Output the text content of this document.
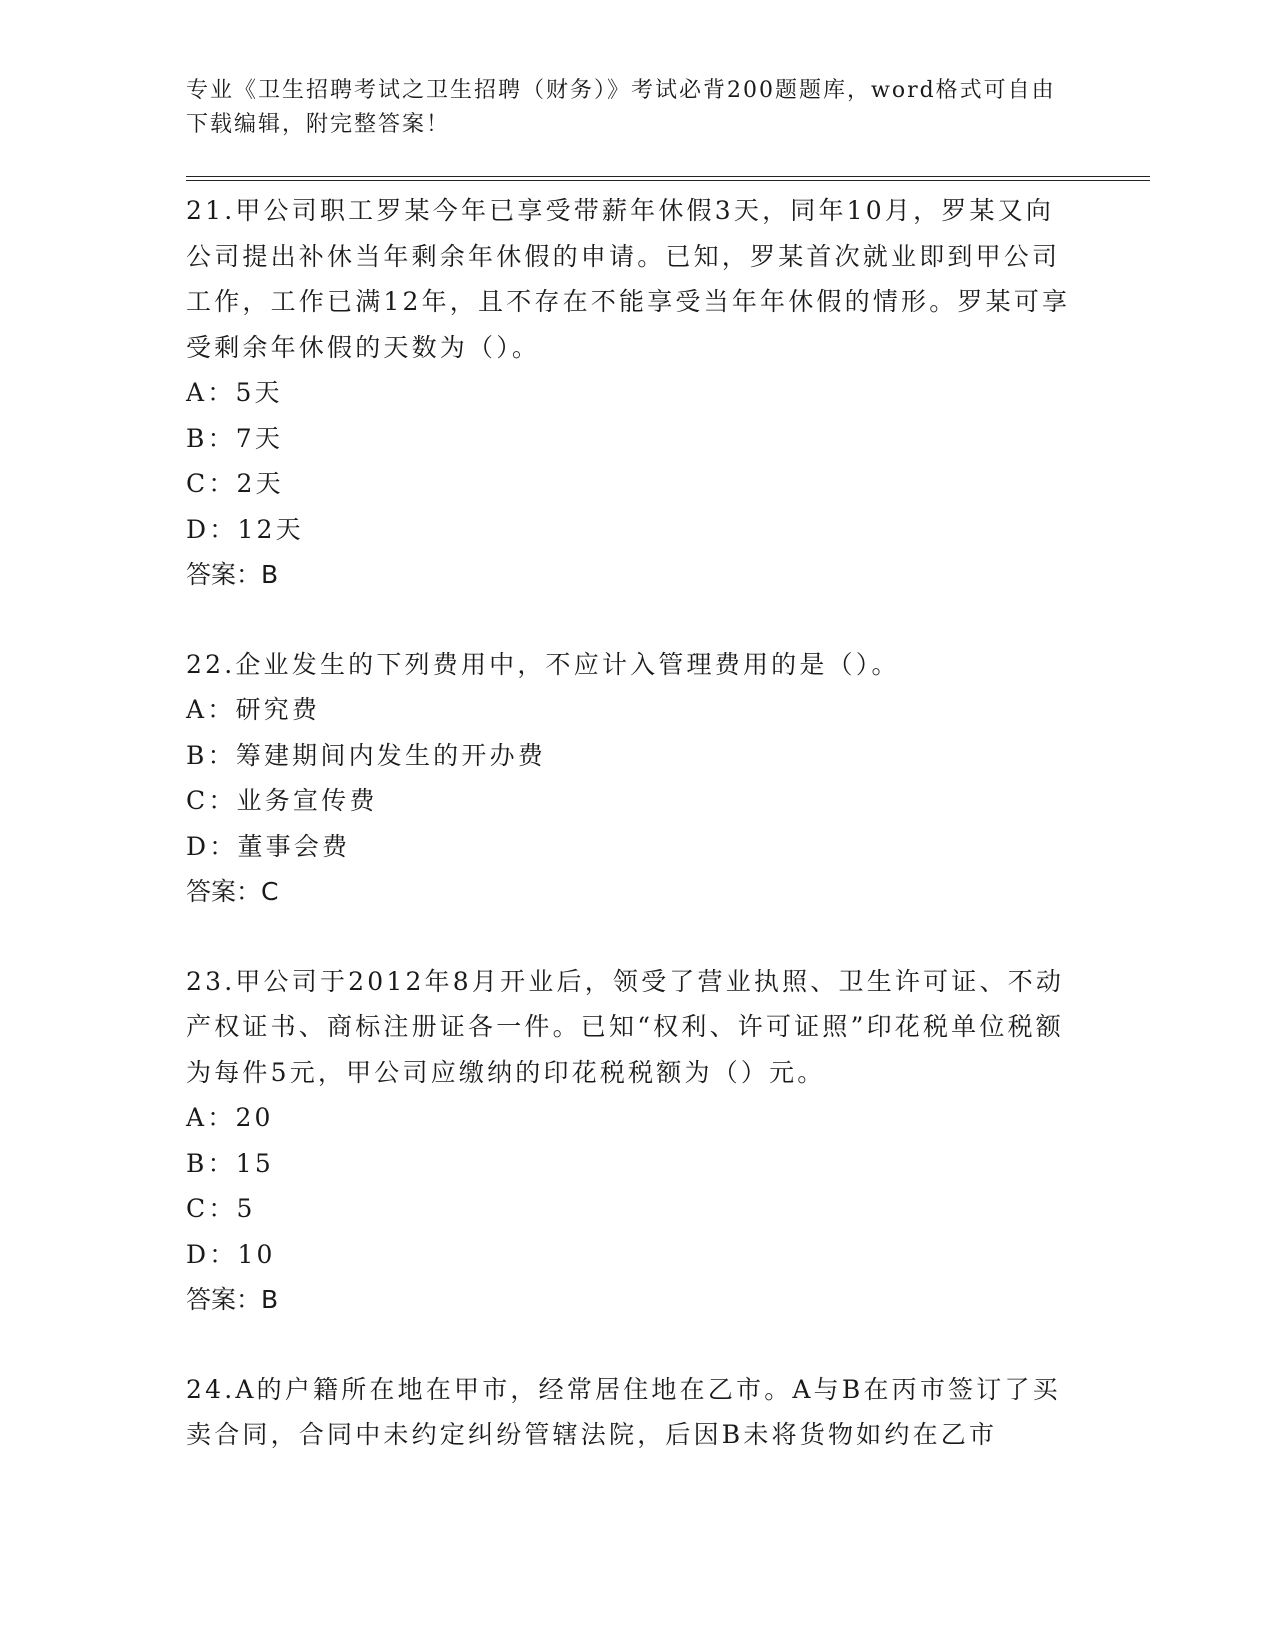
专业《卫生招聘考试之卫生招聘（财务）》考试必背200题题库，word格式可自由下载编辑，附完整答案！

21.甲公司职工罗某今年已享受带薪年休假3天，同年10月，罗某又向公司提出补休当年剩余年休假的申请。已知，罗某首次就业即到甲公司工作，工作已满12年，且不存在不能享受当年年休假的情形。罗某可享受剩余年休假的天数为（）。

A：5天

B：7天

C：2天

D：12天

答案：B

22.企业发生的下列费用中，不应计入管理费用的是（）。

A：研究费

B：筹建期间内发生的开办费

C：业务宣传费

D：董事会费

答案：C

23.甲公司于2012年8月开业后，领受了营业执照、卫生许可证、不动产权证书、商标注册证各一件。已知“权利、许可证照”印花税单位税额为每件5元，甲公司应缴纳的印花税税额为（）元。

A：20

B：15

C：5

D：10

答案：B

24.A的户籍所在地在甲市，经常居住地在乙市。A与B在丙市签订了买卖合同，合同中未约定纠纷管辖法院，后因B未将货物如约在乙市
